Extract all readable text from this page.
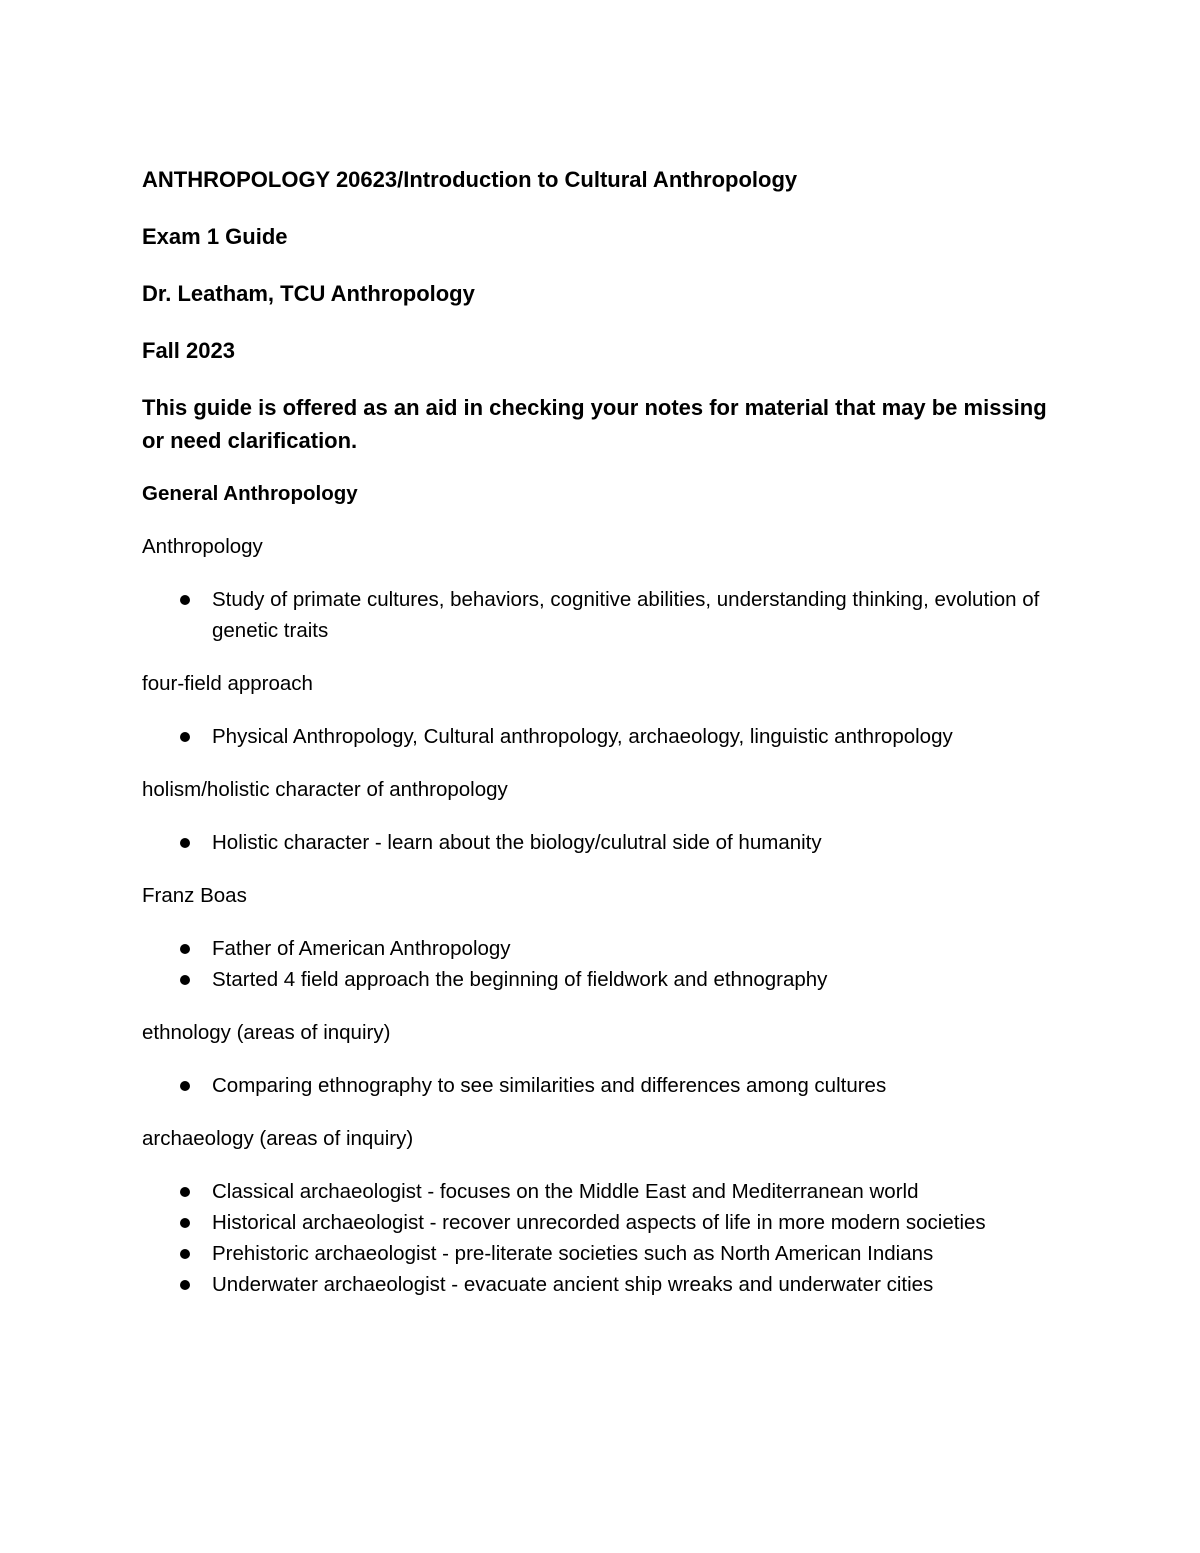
ANTHROPOLOGY 20623/Introduction to Cultural Anthropology
Exam 1 Guide
Dr. Leatham, TCU Anthropology
Fall 2023
This guide is offered as an aid in checking your notes for material that may be missing or need clarification.
General Anthropology
Anthropology
Study of primate cultures, behaviors, cognitive abilities, understanding thinking, evolution of genetic traits
four-field approach
Physical Anthropology, Cultural anthropology, archaeology, linguistic anthropology
holism/holistic character of anthropology
Holistic character - learn about the biology/culutral side of humanity
Franz Boas
Father of American Anthropology
Started 4 field approach the beginning of fieldwork and ethnography
ethnology (areas of inquiry)
Comparing ethnography to see similarities and differences among cultures
archaeology (areas of inquiry)
Classical archaeologist - focuses on the Middle East and Mediterranean world
Historical archaeologist - recover unrecorded aspects of life in more modern societies
Prehistoric archaeologist - pre-literate societies such as North American Indians
Underwater archaeologist - evacuate ancient ship wreaks and underwater cities
